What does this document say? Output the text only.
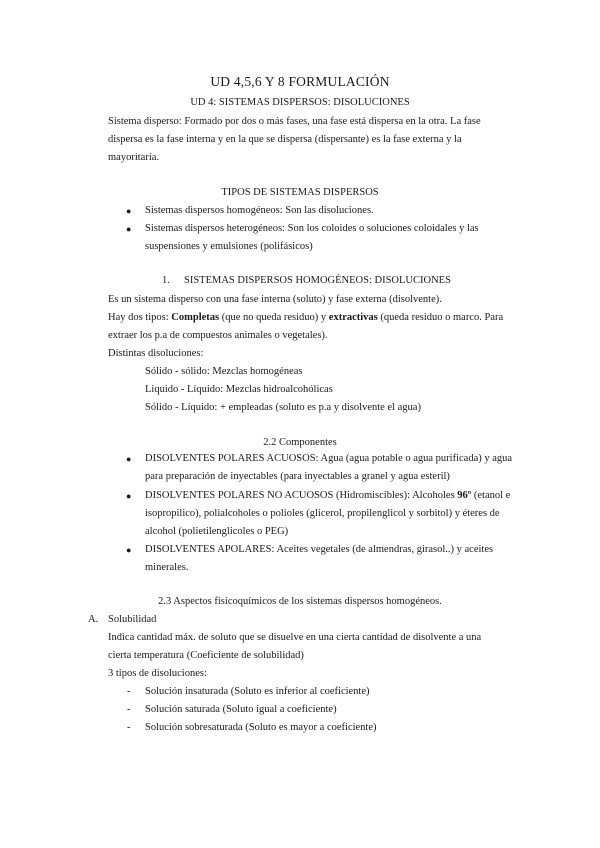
UD 4,5,6 Y 8 FORMULACIÓN
UD 4: SISTEMAS DISPERSOS: DISOLUCIONES
Sistema disperso: Formado por dos o más fases, una fase está dispersa en la otra. La fase
dispersa es la fase interna y en la que se dispersa (dispersante) es la fase externa y la
mayoritaria.
TIPOS DE SISTEMAS DISPERSOS
● Sistemas dispersos homogéneos: Son las disoluciones.
● Sistemas dispersos heterogéneos: Son los coloides o soluciones coloidales y las
suspensiones y emulsiones (polifásicos)
1. SISTEMAS DISPERSOS HOMOGÉNEOS: DISOLUCIONES
Es un sistema disperso con una fase interna (soluto) y fase externa (disolvente).
Hay dos tipos: Completas (que no queda residuo) y extractivas (queda residuo o marco. Para
extraer los p.a de compuestos animales o vegetales).
Distintas disoluciones:
Sólido - sólido: Mezclas homogéneas
Liquido - Líquido: Mezclas hidroalcohólicas
Sólido - Líquido: + empleadas (soluto es p.a y disolvente el agua)
2.2 Componentes
● DISOLVENTES POLARES ACUOSOS: Agua (agua potable o agua purificada) y agua
para preparación de inyectables (para inyectables a granel y agua esteril)
● DISOLVENTES POLARES NO ACUOSOS (Hidromiscibles): Alcoholes 96º (etanol e
isopropilico), polialcoholes o polioles (glicerol, propilenglicol y sorbitol) y éteres de
alcohol (polietilenglicoles o PEG)
● DISOLVENTES APOLARES: Aceites vegetales (de almendras, girasol..) y aceites
minerales.
2.3 Aspectos fisicoquímicos de los sistemas dispersos homogéneos.
A. Solubilidad
Indica cantidad máx. de soluto que se disuelve en una cierta cantidad de disolvente a una
cierta temperatura (Coeficiente de solubilidad)
3 tipos de disoluciones:
- Solución insaturada (Soluto es inferior al coeficiente)
- Solución saturada (Soluto igual a coeficiente)
- Solución sobresaturada (Soluto es mayor a coeficiente)
